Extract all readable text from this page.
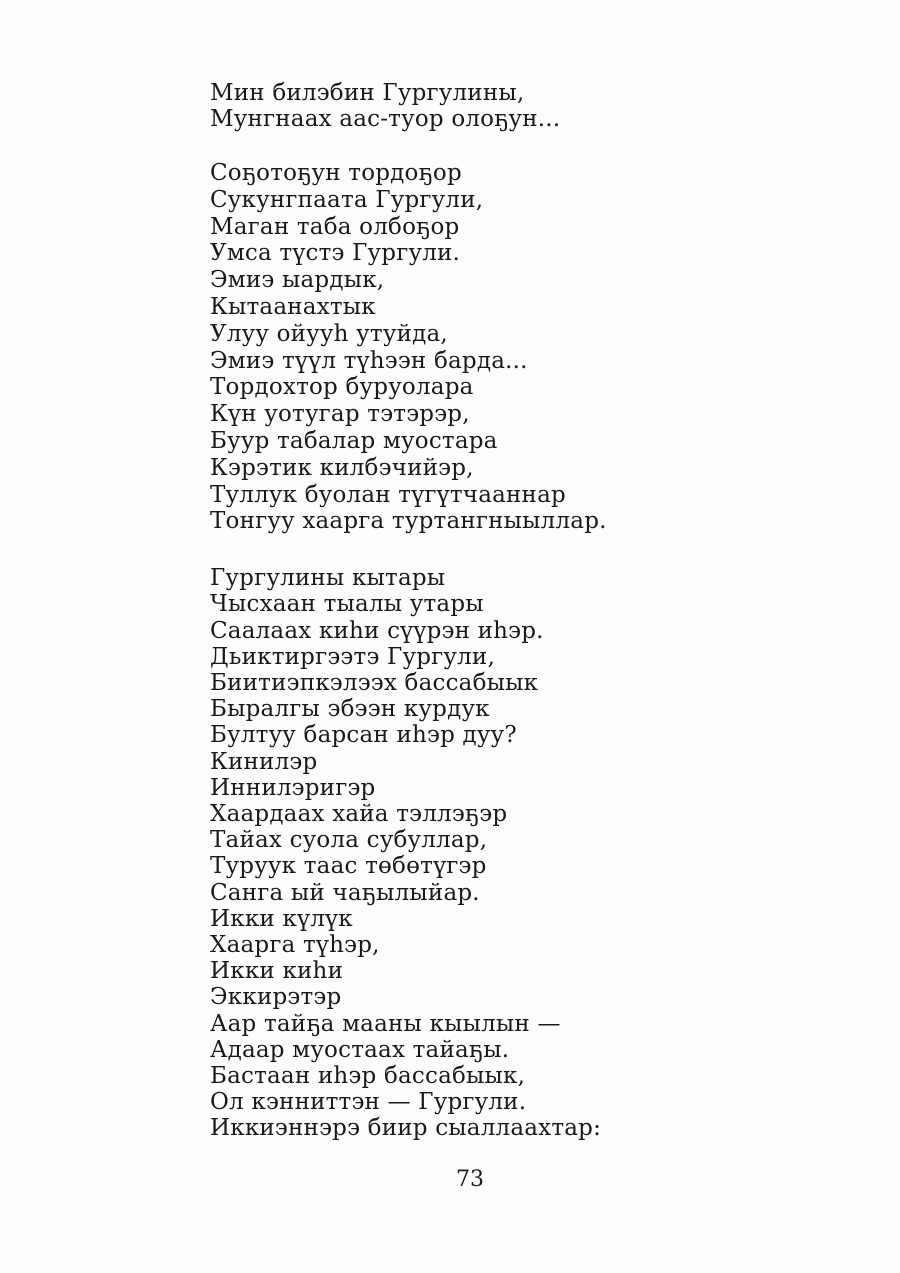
Мин билэбин Гургулины,
Мунгнаах аас-туор олоҕун...
Соҕотоҕун тордоҕор
Сукунгпаата Гургули,
Маган таба олбоҕор
Умса түстэ Гургули.
Эмиэ ыардык,
Кытаанахтык
Улуу ойууһ утуйда,
Эмиэ түүл түһээн барда...
Тордохтор буруолара
Күн уотугар тэтэрэр,
Буур табалар муостара
Кэрэтик килбэчийэр,
Туллук буолан түгүтчааннар
Тонгуу хаарга туртангныыллар.
Гургулины кытары
Чысхаан тыалы утары
Саалаах киһи сүүрэн иһэр.
Дьиктиргээтэ Гургули,
Биитиэпкэлээх бассабыык
Быралгы эбээн курдук
Бултуу барсан иһэр дуу?
Кинилэр
Иннилэригэр
Хаардаах хайа тэллэҕэр
Тайах суола субуллар,
Туруук таас төбөтүгэр
Санга ый чаҕылыйар.
Икки күлүк
Хаарга түһэр,
Икки киһи
Эккирэтэр
Аар тайҕа мааны кыылын —
Адаар муостаах тайаҕы.
Бастаан иһэр бассабыык,
Ол кэнниттэн — Гургули.
Иккиэннэрэ биир сыаллаахтар:
73
